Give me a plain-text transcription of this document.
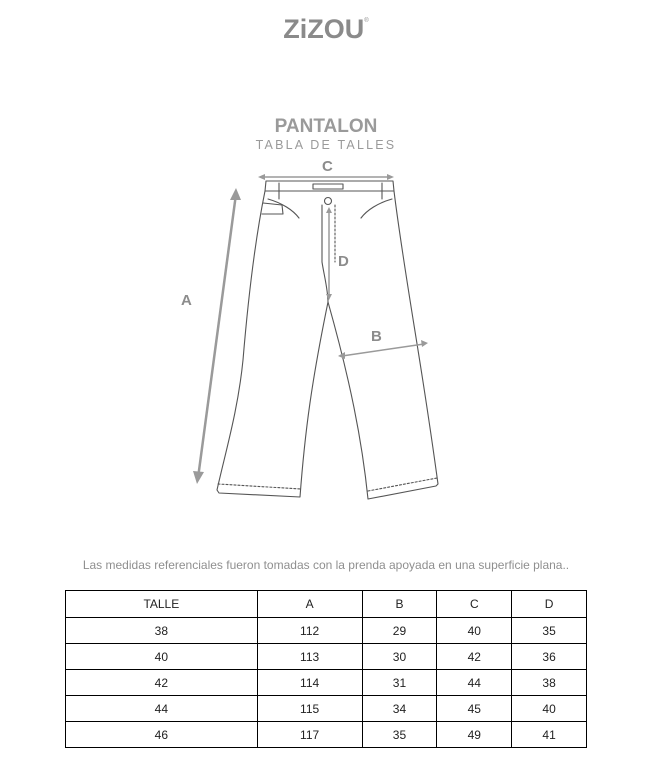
ZiZOU®
PANTALON
TABLA DE TALLES
A
C
D
B
Las medidas referenciales fueron tomadas con la prenda apoyada en una superficie plana..
TALLE	A	B	C	D
38	112	29	40	35
40	113	30	42	36
42	114	31	44	38
44	115	34	45	40
46	117	35	49	41
